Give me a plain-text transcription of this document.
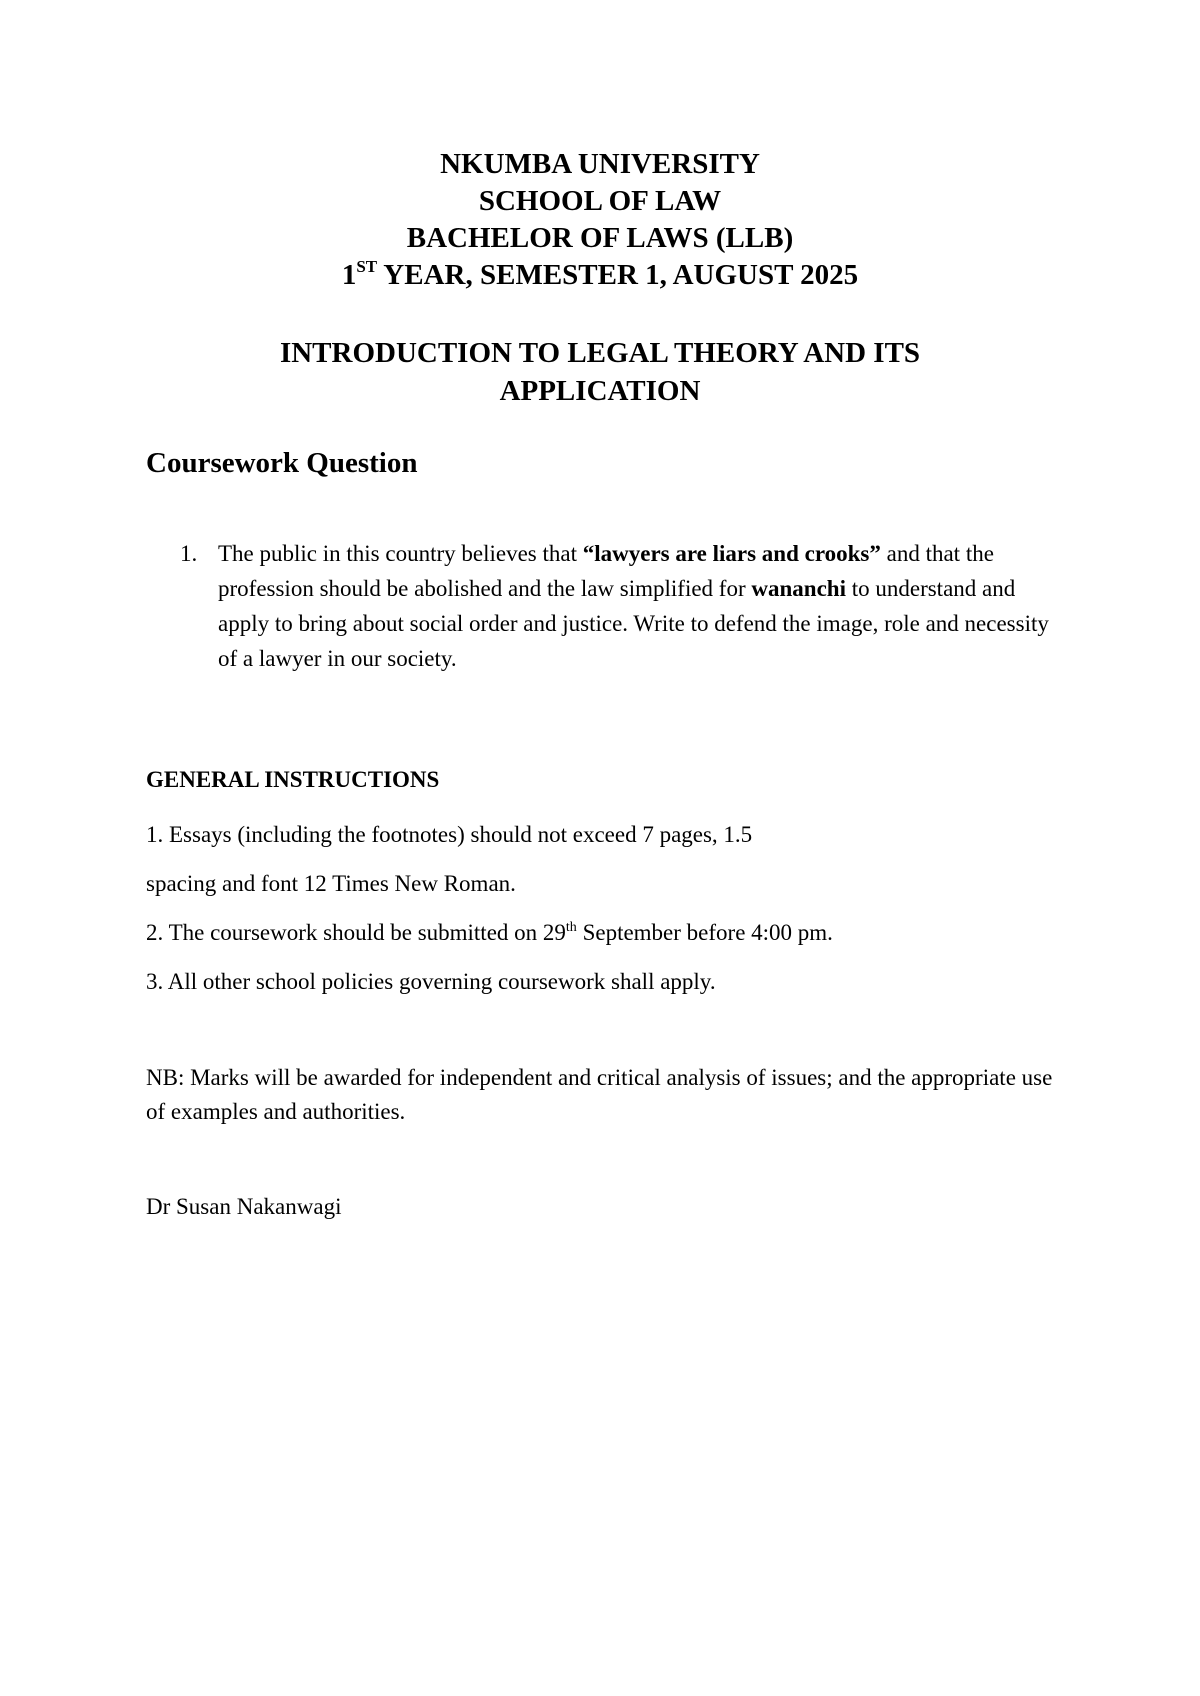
NKUMBA UNIVERSITY
SCHOOL OF LAW
BACHELOR OF LAWS (LLB)
1ST YEAR, SEMESTER 1, AUGUST 2025
INTRODUCTION TO LEGAL THEORY AND ITS
APPLICATION
Coursework Question
1. The public in this country believes that “lawyers are liars and crooks” and that the profession should be abolished and the law simplified for wananchi to understand and apply to bring about social order and justice. Write to defend the image, role and necessity of a lawyer in our society.
GENERAL INSTRUCTIONS
1. Essays (including the footnotes) should not exceed 7 pages, 1.5
spacing and font 12 Times New Roman.
2. The coursework should be submitted on 29th September before 4:00 pm.
3. All other school policies governing coursework shall apply.
NB: Marks will be awarded for independent and critical analysis of issues; and the appropriate use of examples and authorities.
Dr Susan Nakanwagi
